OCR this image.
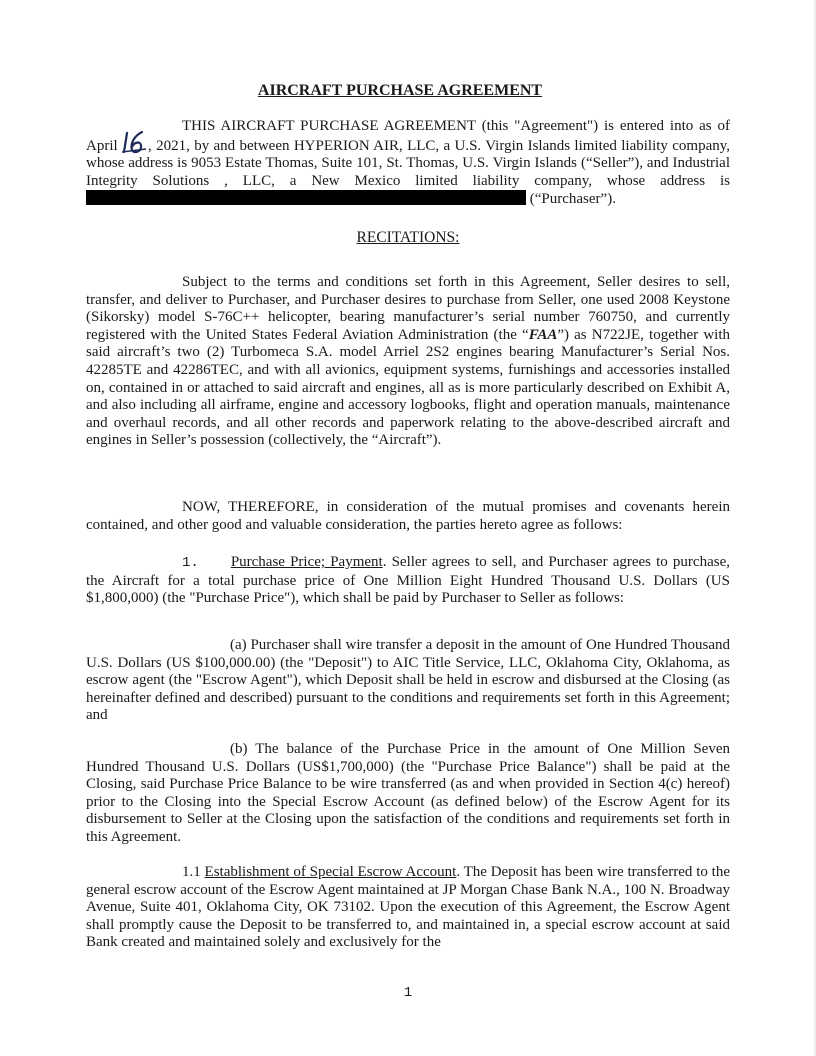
AIRCRAFT PURCHASE AGREEMENT

THIS AIRCRAFT PURCHASE AGREEMENT (this "Agreement") is entered into as of April
, 2021, by and between HYPERION AIR, LLC, a U.S. Virgin Islands limited liability company, whose address is 9053 Estate Thomas, Suite 101, St. Thomas, U.S. Virgin Islands (“Seller”), and Industrial Integrity Solutions , LLC, a New Mexico limited liability company, whose address is  (“Purchaser”).

RECITATIONS:

Subject to the terms and conditions set forth in this Agreement, Seller desires to sell, transfer, and deliver to Purchaser, and Purchaser desires to purchase from Seller, one used 2008 Keystone (Sikorsky) model S-76C++ helicopter, bearing manufacturer’s serial number 760750, and currently registered with the United States Federal Aviation Administration (the “FAA”) as N722JE, together with said aircraft’s two (2) Turbomeca S.A. model Arriel 2S2 engines bearing Manufacturer’s Serial Nos. 42285TE and 42286TEC, and with all avionics, equipment systems, furnishings and accessories installed on, contained in or attached to said aircraft and engines, all as is more particularly described on Exhibit A, and also including all airframe, engine and accessory logbooks, flight and operation manuals, maintenance and overhaul records, and all other records and paperwork relating to the above-described aircraft and engines in Seller’s possession (collectively, the “Aircraft”).

NOW, THEREFORE, in consideration of the mutual promises and covenants herein contained, and other good and valuable consideration, the parties hereto agree as follows:

1. Purchase Price; Payment. Seller agrees to sell, and Purchaser agrees to purchase, the Aircraft for a total purchase price of One Million Eight Hundred Thousand U.S. Dollars (US $1,800,000) (the "Purchase Price"), which shall be paid by Purchaser to Seller as follows:

(a) Purchaser shall wire transfer a deposit in the amount of One Hundred Thousand U.S. Dollars (US $100,000.00) (the "Deposit") to AIC Title Service, LLC, Oklahoma City, Oklahoma, as escrow agent (the "Escrow Agent"), which Deposit shall be held in escrow and disbursed at the Closing (as hereinafter defined and described) pursuant to the conditions and requirements set forth in this Agreement; and

(b) The balance of the Purchase Price in the amount of One Million Seven Hundred Thousand U.S. Dollars (US$1,700,000) (the "Purchase Price Balance") shall be paid at the Closing, said Purchase Price Balance to be wire transferred (as and when provided in Section 4(c) hereof) prior to the Closing into the Special Escrow Account (as defined below) of the Escrow Agent for its disbursement to Seller at the Closing upon the satisfaction of the conditions and requirements set forth in this Agreement.

1.1 Establishment of Special Escrow Account. The Deposit has been wire transferred to the general escrow account of the Escrow Agent maintained at JP Morgan Chase Bank N.A., 100 N. Broadway Avenue, Suite 401, Oklahoma City, OK 73102. Upon the execution of this Agreement, the Escrow Agent shall promptly cause the Deposit to be transferred to, and maintained in, a special escrow account at said Bank created and maintained solely and exclusively for the

1
